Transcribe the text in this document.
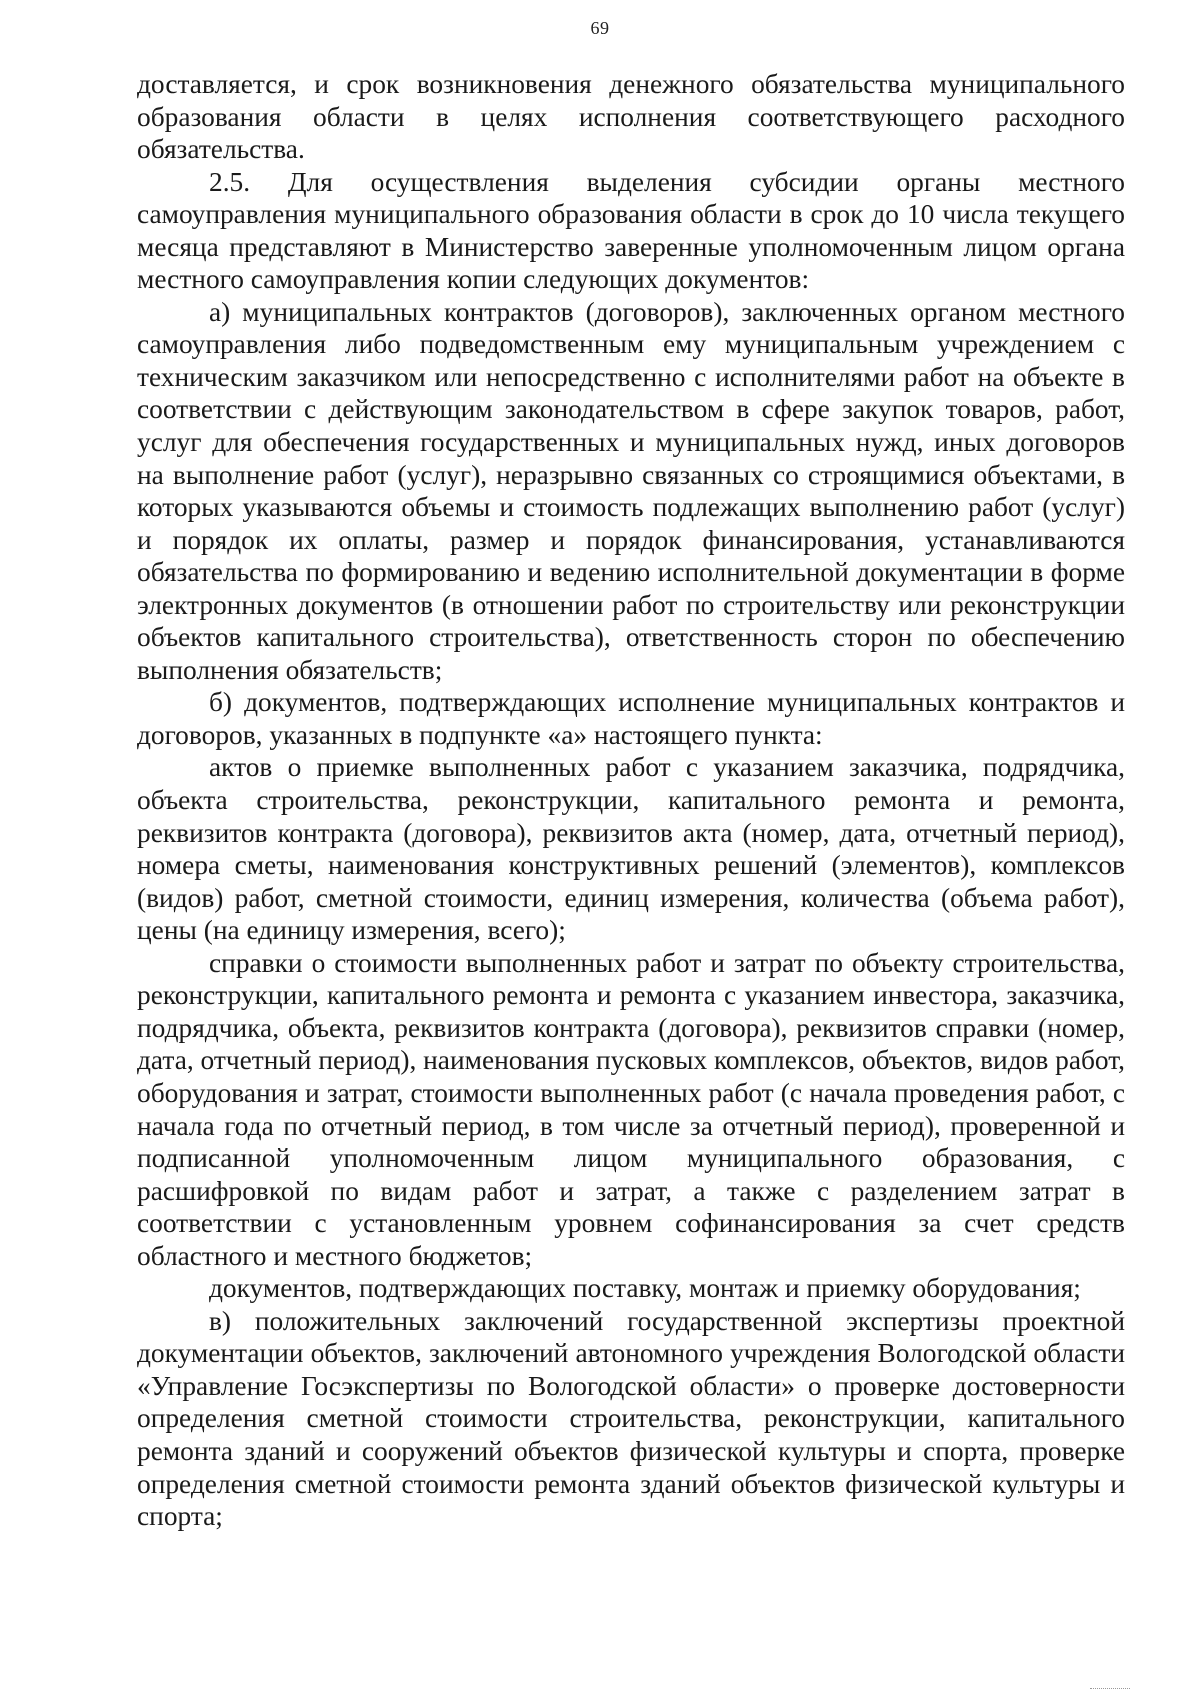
69

доставляется, и срок возникновения денежного обязательства муниципального образования области в целях исполнения соответствующего расходного обязательства.

2.5. Для осуществления выделения субсидии органы местного самоуправления муниципального образования области в срок до 10 числа текущего месяца представляют в Министерство заверенные уполномоченным лицом органа местного самоуправления копии следующих документов:

а) муниципальных контрактов (договоров), заключенных органом местного самоуправления либо подведомственным ему муниципальным учреждением с техническим заказчиком или непосредственно с исполнителями работ на объекте в соответствии с действующим законодательством в сфере закупок товаров, работ, услуг для обеспечения государственных и муниципальных нужд, иных договоров на выполнение работ (услуг), неразрывно связанных со строящимися объектами, в которых указываются объемы и стоимость подлежащих выполнению работ (услуг) и порядок их оплаты, размер и порядок финансирования, устанавливаются обязательства по формированию и ведению исполнительной документации в форме электронных документов (в отношении работ по строительству или реконструкции объектов капитального строительства), ответственность сторон по обеспечению выполнения обязательств;

б) документов, подтверждающих исполнение муниципальных контрактов и договоров, указанных в подпункте «а» настоящего пункта:

актов о приемке выполненных работ с указанием заказчика, подрядчика, объекта строительства, реконструкции, капитального ремонта и ремонта, реквизитов контракта (договора), реквизитов акта (номер, дата, отчетный период), номера сметы, наименования конструктивных решений (элементов), комплексов (видов) работ, сметной стоимости, единиц измерения, количества (объема работ), цены (на единицу измерения, всего);

справки о стоимости выполненных работ и затрат по объекту строительства, реконструкции, капитального ремонта и ремонта с указанием инвестора, заказчика, подрядчика, объекта, реквизитов контракта (договора), реквизитов справки (номер, дата, отчетный период), наименования пусковых комплексов, объектов, видов работ, оборудования и затрат, стоимости выполненных работ (с начала проведения работ, с начала года по отчетный период, в том числе за отчетный период), проверенной и подписанной уполномоченным лицом муниципального образования, с расшифровкой по видам работ и затрат, а также с разделением затрат в соответствии с установленным уровнем софинансирования за счет средств областного и местного бюджетов;

документов, подтверждающих поставку, монтаж и приемку оборудования;

в) положительных заключений государственной экспертизы проектной документации объектов, заключений автономного учреждения Вологодской области «Управление Госэкспертизы по Вологодской области» о проверке достоверности определения сметной стоимости строительства, реконструкции, капитального ремонта зданий и сооружений объектов физической культуры и спорта, проверке определения сметной стоимости ремонта зданий объектов физической культуры и спорта;
